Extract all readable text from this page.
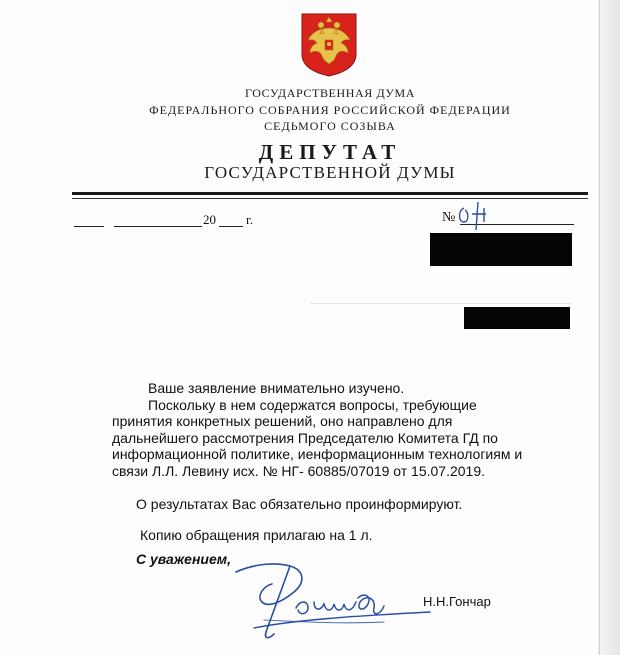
ГОСУДАРСТВЕННАЯ ДУМА
ФЕДЕРАЛЬНОГО СОБРАНИЯ РОССИЙСКОЙ ФЕДЕРАЦИИ
СЕДЬМОГО СОЗЫВА
ДЕПУТАТ
ГОСУДАРСТВЕННОЙ ДУМЫ
20 г.	№
Ваше заявление внимательно изучено.
Поскольку в нем содержатся вопросы, требующие
принятия конкретных решений, оно направлено для
дальнейшего рассмотрения Председателю Комитета ГД по
информационной политике, иенформационным технологиям и
связи Л.Л. Левину исх. № НГ- 60885/07019 от 15.07.2019.
О результатах Вас обязательно проинформируют.
Копию обращения прилагаю на 1 л.
С уважением,
Н.Н.Гончар
